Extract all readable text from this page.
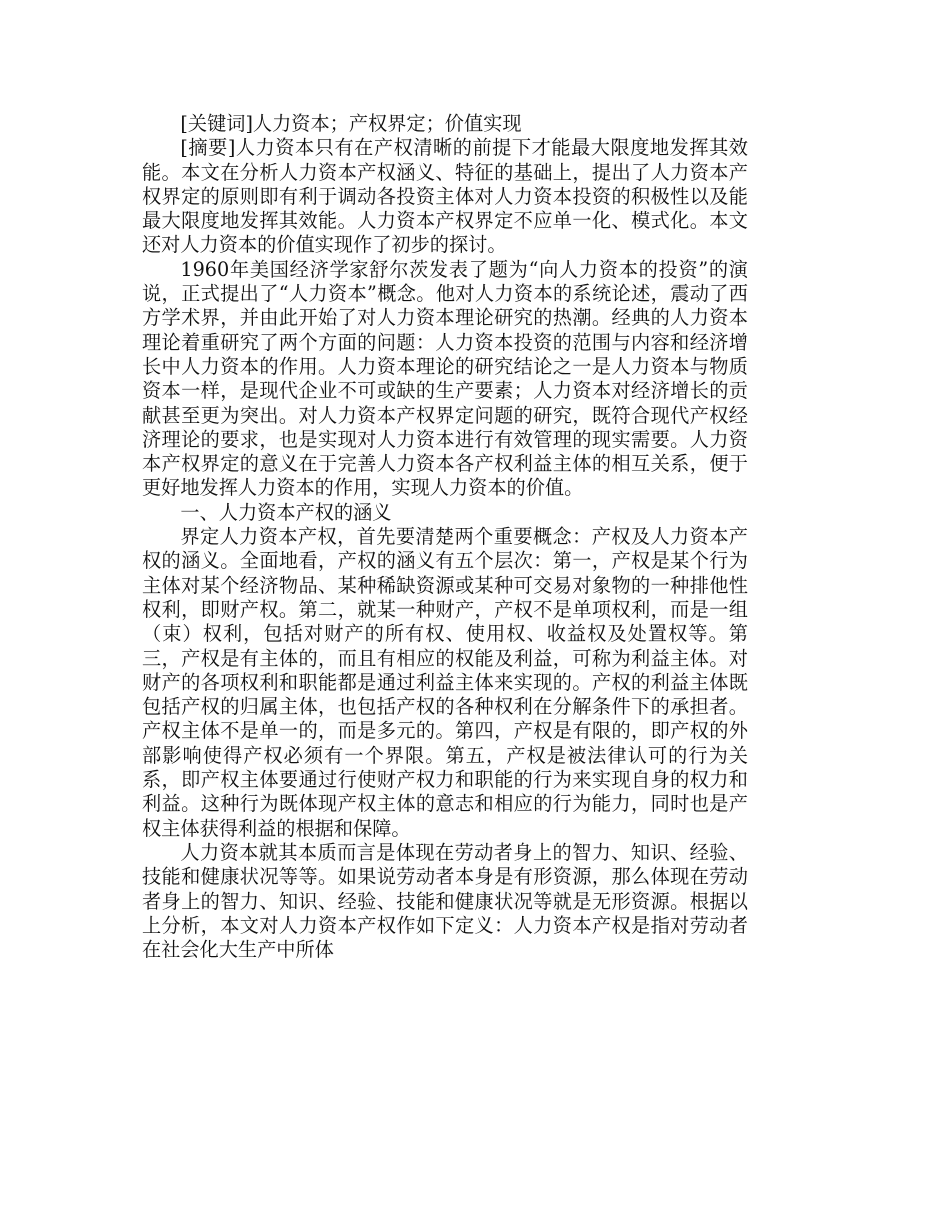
[关键词]人力资本；产权界定；价值实现

[摘要]人力资本只有在产权清晰的前提下才能最大限度地发挥其效能。本文在分析人力资本产权涵义、特征的基础上，提出了人力资本产权界定的原则即有利于调动各投资主体对人力资本投资的积极性以及能最大限度地发挥其效能。人力资本产权界定不应单一化、模式化。本文还对人力资本的价值实现作了初步的探讨。

1960年美国经济学家舒尔茨发表了题为“向人力资本的投资”的演说，正式提出了“人力资本”概念。他对人力资本的系统论述，震动了西方学术界，并由此开始了对人力资本理论研究的热潮。经典的人力资本理论着重研究了两个方面的问题：人力资本投资的范围与内容和经济增长中人力资本的作用。人力资本理论的研究结论之一是人力资本与物质资本一样，是现代企业不可或缺的生产要素；人力资本对经济增长的贡献甚至更为突出。对人力资本产权界定问题的研究，既符合现代产权经济理论的要求，也是实现对人力资本进行有效管理的现实需要。人力资本产权界定的意义在于完善人力资本各产权利益主体的相互关系，便于更好地发挥人力资本的作用，实现人力资本的价值。

一、人力资本产权的涵义

界定人力资本产权，首先要清楚两个重要概念：产权及人力资本产权的涵义。全面地看，产权的涵义有五个层次：第一，产权是某个行为主体对某个经济物品、某种稀缺资源或某种可交易对象物的一种排他性权利，即财产权。第二，就某一种财产，产权不是单项权利，而是一组（束）权利，包括对财产的所有权、使用权、收益权及处置权等。第三，产权是有主体的，而且有相应的权能及利益，可称为利益主体。对财产的各项权利和职能都是通过利益主体来实现的。产权的利益主体既包括产权的归属主体，也包括产权的各种权利在分解条件下的承担者。产权主体不是单一的，而是多元的。第四，产权是有限的，即产权的外部影响使得产权必须有一个界限。第五，产权是被法律认可的行为关系，即产权主体要通过行使财产权力和职能的行为来实现自身的权力和利益。这种行为既体现产权主体的意志和相应的行为能力，同时也是产权主体获得利益的根据和保障。

人力资本就其本质而言是体现在劳动者身上的智力、知识、经验、技能和健康状况等等。如果说劳动者本身是有形资源，那么体现在劳动者身上的智力、知识、经验、技能和健康状况等就是无形资源。根据以上分析，本文对人力资本产权作如下定义：人力资本产权是指对劳动者在社会化大生产中所体
